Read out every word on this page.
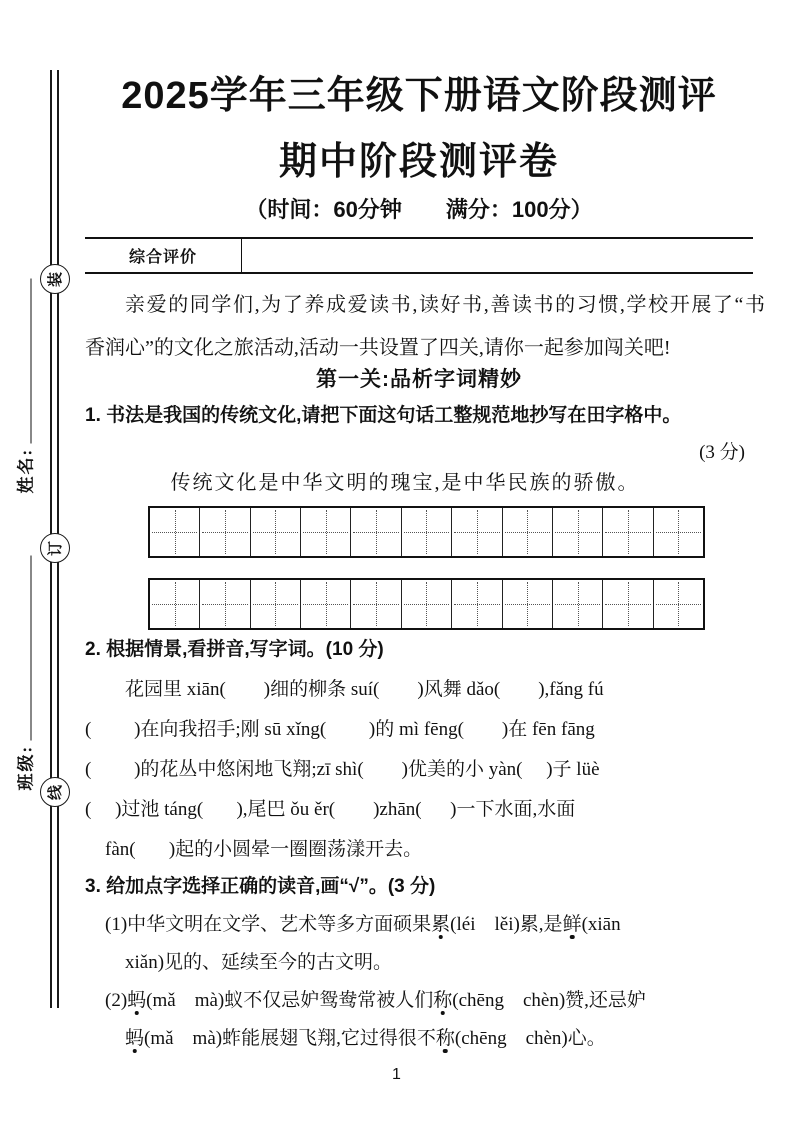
装
订
线
姓名:
班级:
2025学年三年级下册语文阶段测评
期中阶段测评卷
（时间：60分钟　　满分：100分）
综合评价
亲爱的同学们,为了养成爱读书,读好书,善读书的习惯,学校开展了“书
香润心”的文化之旅活动,活动一共设置了四关,请你一起参加闯关吧!
第一关:品析字词精妙
1. 书法是我国的传统文化,请把下面这句话工整规范地抄写在田字格中。
(3 分)
传统文化是中华文明的瑰宝,是中华民族的骄傲。
2. 根据情景,看拼音,写字词。(10 分)
花园里 xiān(        )细的柳条 suí(        )风舞 dǎo(        ),fǎng fú
(         )在向我招手;刚 sū xǐng(         )的 mì fēng(        )在 fēn fāng
(         )的花丛中悠闲地飞翔;zī shì(        )优美的小 yàn(     )子 lüè
(     )过池 táng(       ),尾巴 ǒu ěr(        )zhān(      )一下水面,水面
fàn(       )起的小圆晕一圈圈荡漾开去。
3. 给加点字选择正确的读音,画“√”。(3 分)
(1)中华文明在文学、艺术等多方面硕果累(léi　lěi)累,是鲜(xiān
xiǎn)见的、延续至今的古文明。
(2)蚂(mǎ　mà)蚁不仅忌妒鸳鸯常被人们称(chēng　chèn)赞,还忌妒
蚂(mǎ　mà)蚱能展翅飞翔,它过得很不称(chēng　chèn)心。
1
